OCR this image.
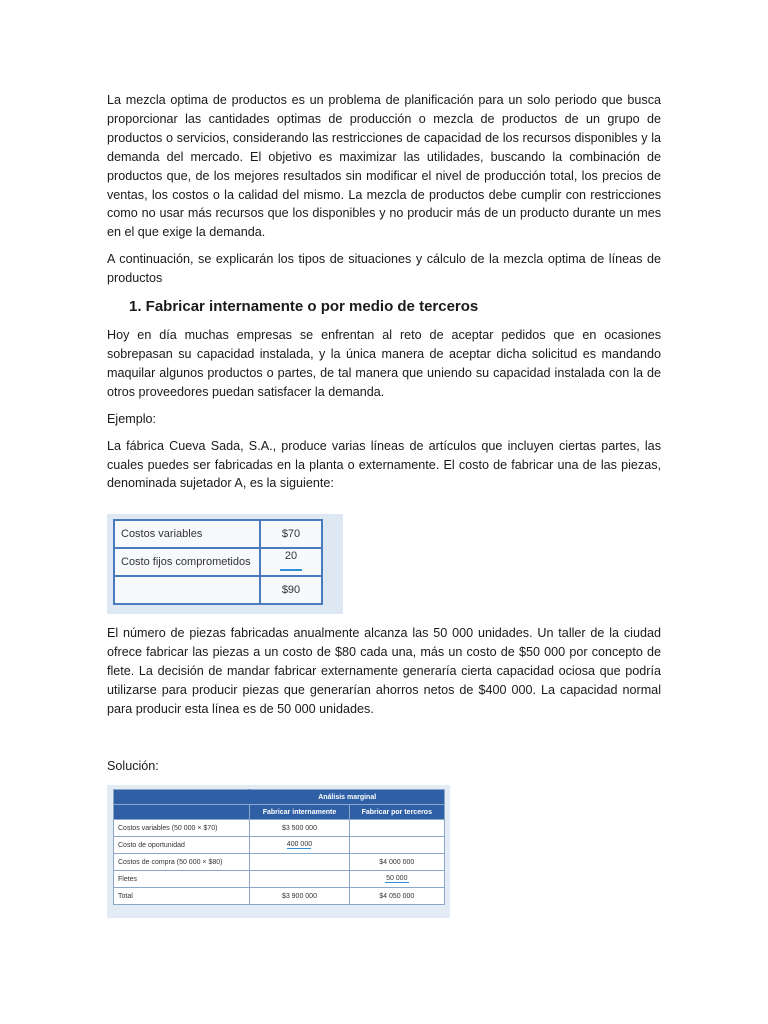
La mezcla optima de productos es un problema de planificación para un solo periodo que busca proporcionar las cantidades optimas de producción o mezcla de productos de un grupo de productos o servicios, considerando las restricciones de capacidad de los recursos disponibles y la demanda del mercado. El objetivo es maximizar las utilidades, buscando la combinación de productos que, de los mejores resultados sin modificar el nivel de producción total, los precios de ventas, los costos o la calidad del mismo. La mezcla de productos debe cumplir con restricciones como no usar más recursos que los disponibles y no producir más de un producto durante un mes en el que exige la demanda.

A continuación, se explicarán los tipos de situaciones y cálculo de la mezcla optima de líneas de productos

1. Fabricar internamente o por medio de terceros

Hoy en día muchas empresas se enfrentan al reto de aceptar pedidos que en ocasiones sobrepasan su capacidad instalada, y la única manera de aceptar dicha solicitud es mandando maquilar algunos productos o partes, de tal manera que uniendo su capacidad instalada con la de otros proveedores puedan satisfacer la demanda.

Ejemplo:

La fábrica Cueva Sada, S.A., produce varias líneas de artículos que incluyen ciertas partes, las cuales puedes ser fabricadas en la planta o externamente. El costo de fabricar una de las piezas, denominada sujetador A, es la siguiente:

Costos variables	$70
Costo fijos comprometidos	20

	$90

El número de piezas fabricadas anualmente alcanza las 50 000 unidades. Un taller de la ciudad ofrece fabricar las piezas a un costo de $80 cada una, más un costo de $50 000 por concepto de flete. La decisión de mandar fabricar externamente generaría cierta capacidad ociosa que podría utilizarse para producir piezas que generarían ahorros netos de $400 000. La capacidad normal para producir esta línea es de 50 000 unidades.

Solución:

	Análisis marginal	
	Fabricar internamente	Fabricar por terceros
Costos variables (50 000 × $70)	$3 500 000	
Costo de oportunidad	400 000

Costos de compra (50 000 × $80)		$4 000 000
Fletes		50 000

Total	$3 900 000	$4 050 000
